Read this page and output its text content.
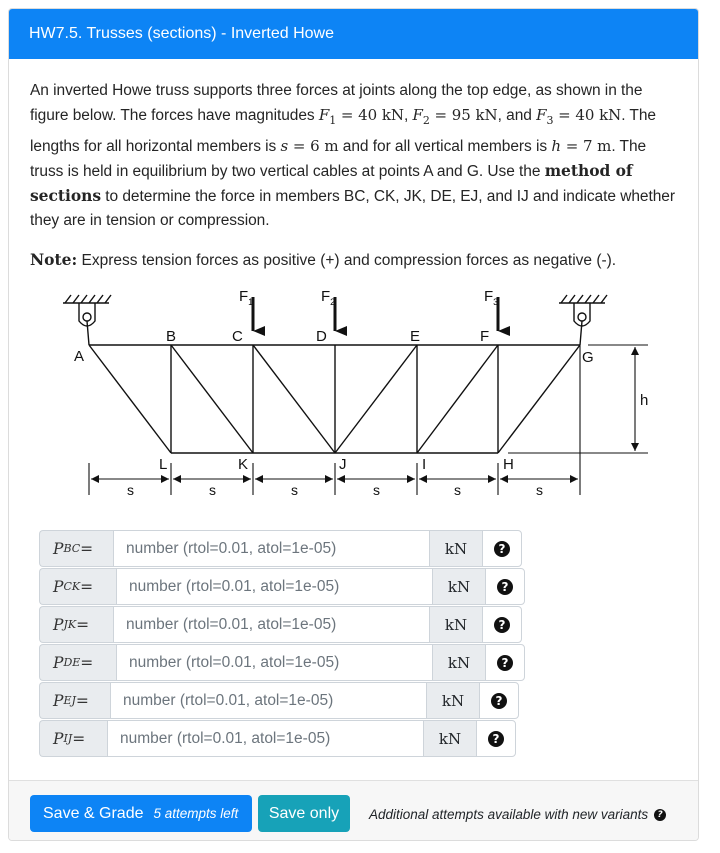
HW7.5. Trusses (sections) - Inverted Howe

An inverted Howe truss supports three forces at joints along the top edge, as shown in the figure below. The forces have magnitudes $F_1 = 40$ kN, $F_2 = 95$ kN, and $F_3 = 40$ kN. The lengths for all horizontal members is s = 6 m and for all vertical members is h = 7 m. The truss is held in equilibrium by two vertical cables at points A and G. Use the method of sections to determine the force in members BC, CK, JK, DE, EJ, and IJ and indicate whether they are in tension or compression.

Note: Express tension forces as positive (+) and compression forces as negative (-).

$F_1$	$F_2$	$F_3$
A
B	C	D	E	F
G
L	K	J	I	H
h
s	s	s	s	s	s
P BC =
number (rtol=0.01, atol=1e-05)	kN	?
P CK =
number (rtol=0.01, atol=1e-05)	kN	?
P JK =
number (rtol=0.01, atol=1e-05)	kN	?
P DE =
number (rtol=0.01, atol=1e-05)	kN	?
P EJ =
number (rtol=0.01, atol=1e-05)	kN	?
P IJ =
number (rtol=0.01, atol=1e-05)	kN	?
Save & Grade 5 attempts left	Save only	Additional attempts available with new variants	?
